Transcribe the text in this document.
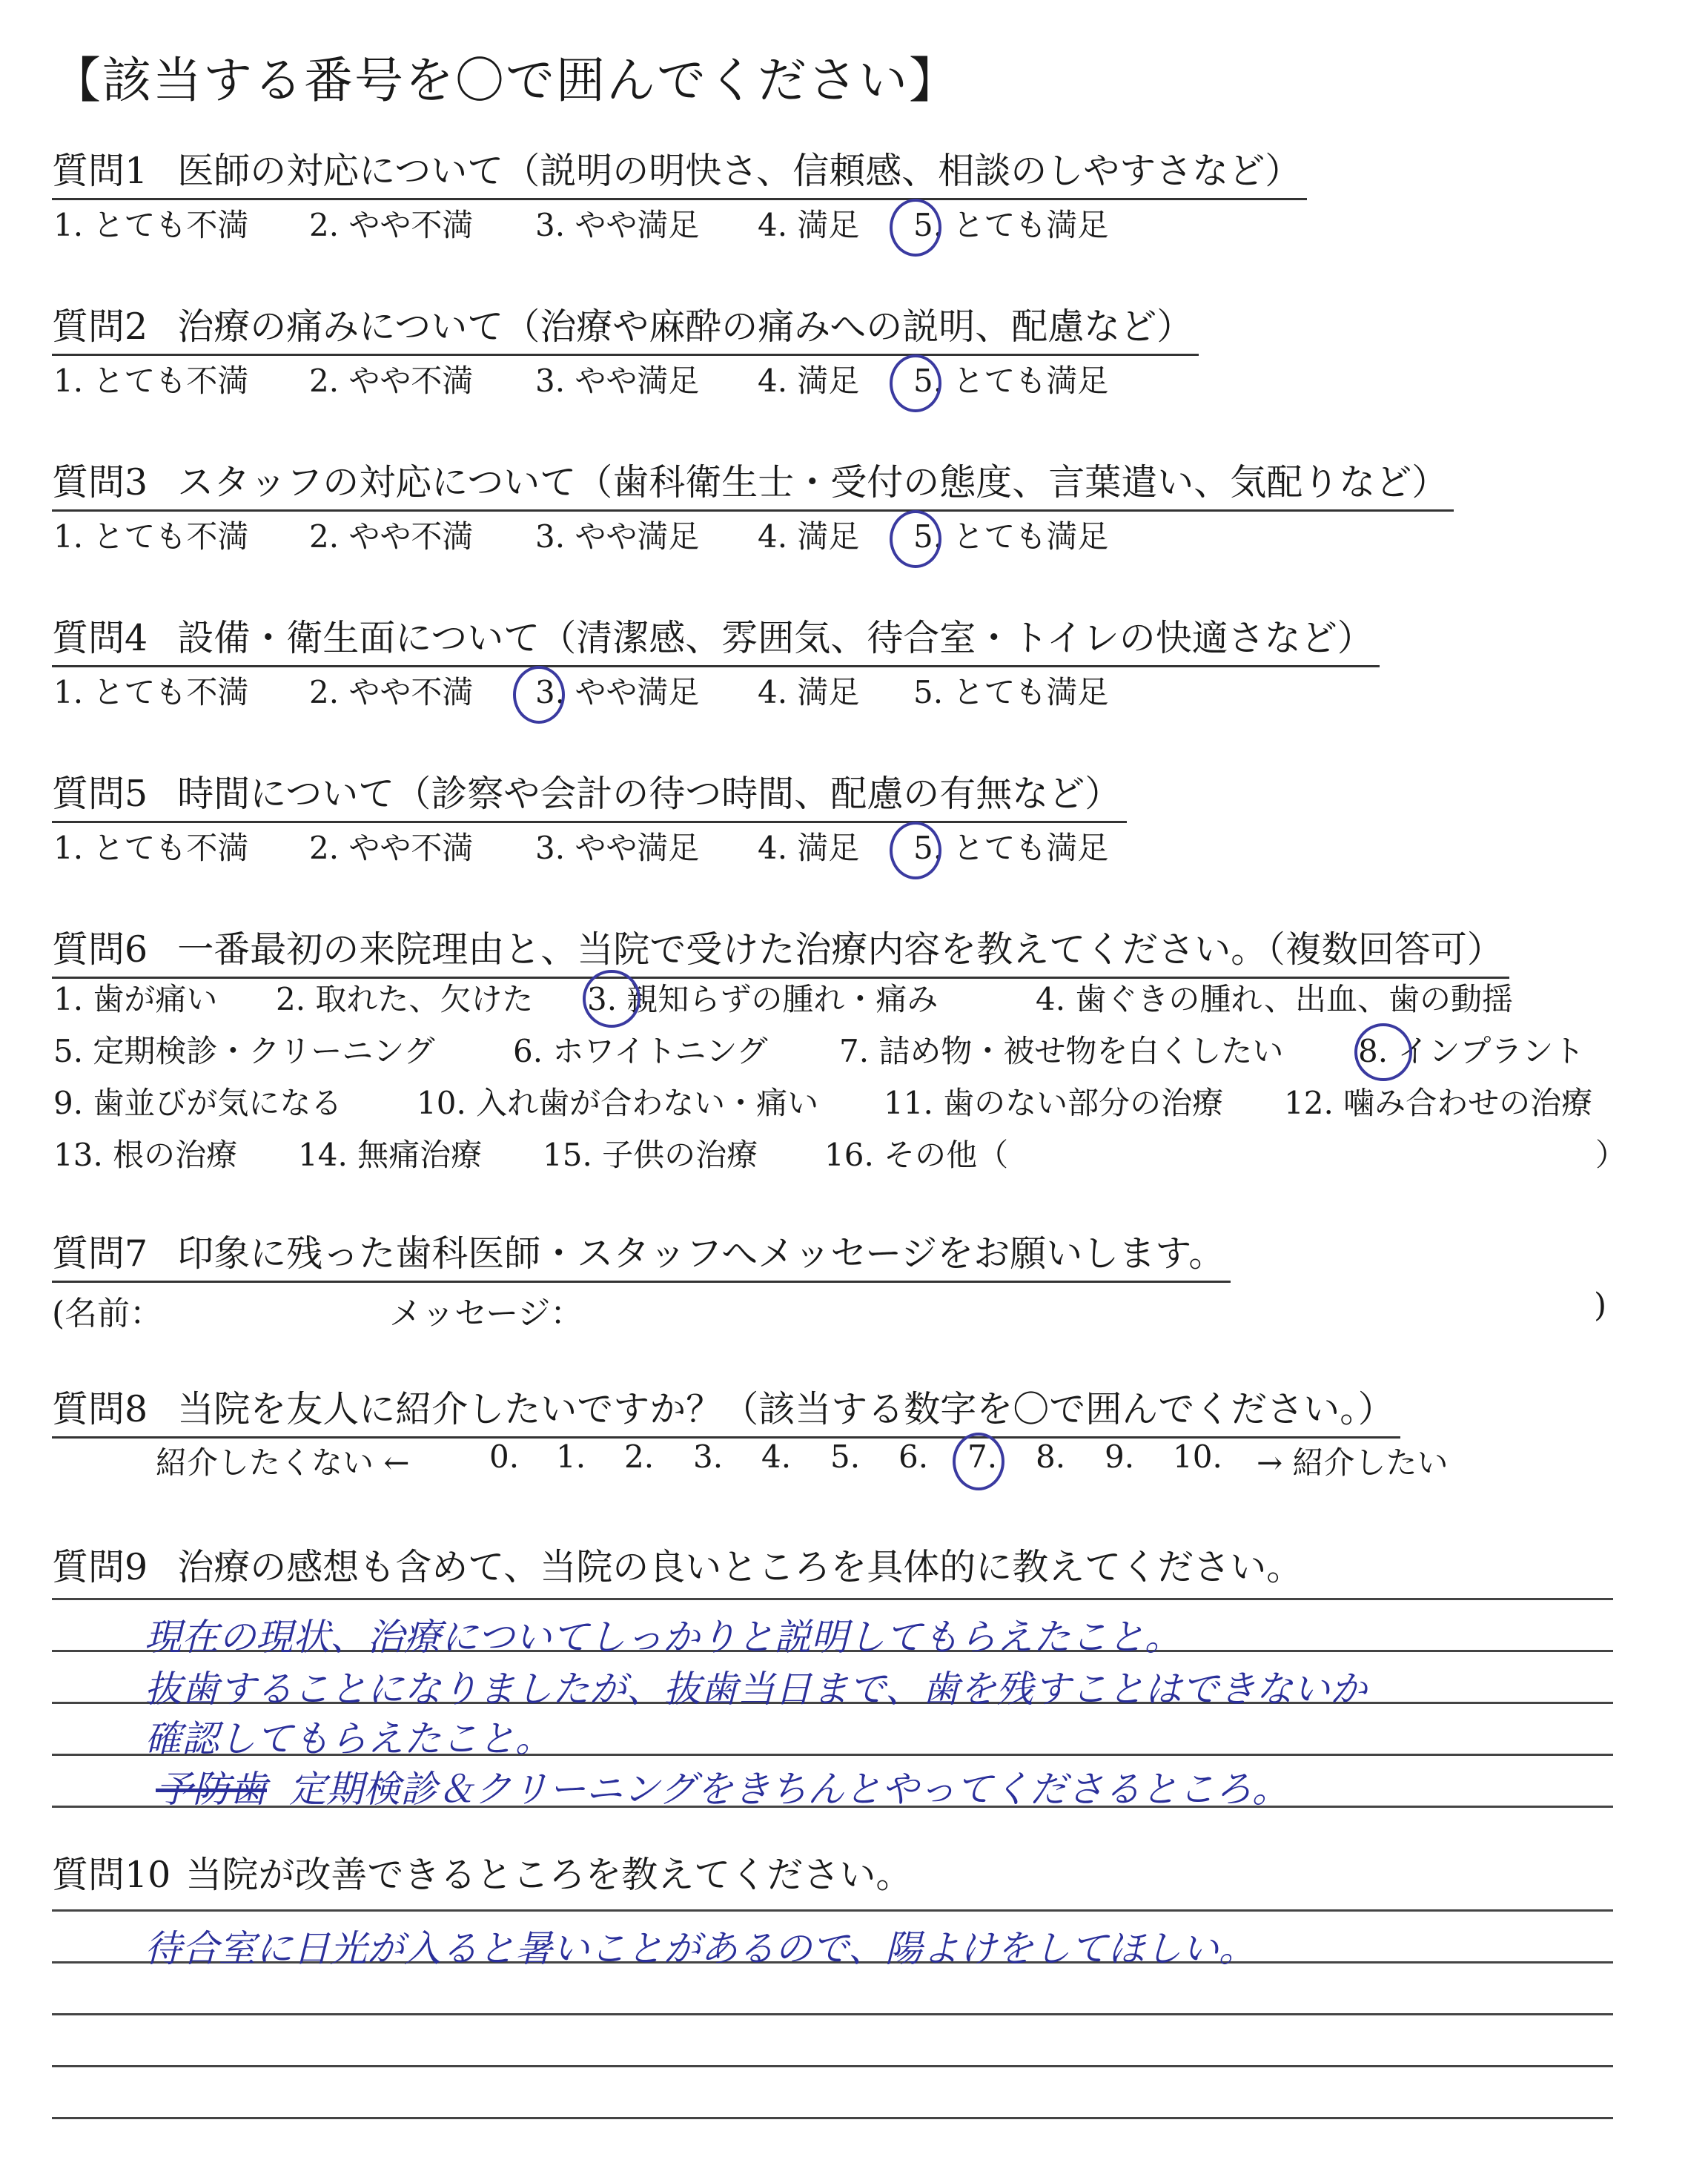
【該当する番号を〇で囲んでください】
質問1 医師の対応について（説明の明快さ、信頼感、相談のしやすさなど）
1. とても不満 2. やや不満 3. やや満足 4. 満足 5. とても満足
質問2 治療の痛みについて（治療や麻酔の痛みへの説明、配慮など）
1. とても不満 2. やや不満 3. やや満足 4. 満足 5. とても満足
質問3 スタッフの対応について（歯科衛生士・受付の態度、言葉遣い、気配りなど）
1. とても不満 2. やや不満 3. やや満足 4. 満足 5. とても満足
質問4 設備・衛生面について（清潔感、雰囲気、待合室・トイレの快適さなど）
1. とても不満 2. やや不満 3. やや満足 4. 満足 5. とても満足
質問5 時間について（診察や会計の待つ時間、配慮の有無など）
1. とても不満 2. やや不満 3. やや満足 4. 満足 5. とても満足
質問6 一番最初の来院理由と、当院で受けた治療内容を教えてください。（複数回答可）
1. 歯が痛い 2. 取れた、欠けた 3. 親知らずの腫れ・痛み	4. 歯ぐきの腫れ、出血、歯の動揺
5. 定期検診・クリーニング	6. ホワイトニング 7. 詰め物・被せ物を白くしたい 8. インプラント
9. 歯並びが気になる 10. 入れ歯が合わない・痛い 11. 歯のない部分の治療 12. 噛み合わせの治療
13. 根の治療 14. 無痛治療 15. 子供の治療 16. その他（	）
質問7 印象に残った歯科医師・スタッフへメッセージをお願いします。
(名前：	メッセージ：	)
質問8 当院を友人に紹介したいですか？（該当する数字を〇で囲んでください。）
紹介したくない ←	0. 1. 2. 3. 4. 5. 6. 7. 8. 9. 10. → 紹介したい
質問9 治療の感想も含めて、当院の良いところを具体的に教えてください。
現在の現状、治療についてしっかりと説明してもらえたこと。
抜歯することになりましたが、抜歯当日まで、歯を残すことはできないか
確認してもらえたこと。
予防歯 定期検診＆クリーニングをきちんとやってくださるところ。
質問10 当院が改善できるところを教えてください。
待合室に日光が入ると暑いことがあるので、陽よけをしてほしい。
